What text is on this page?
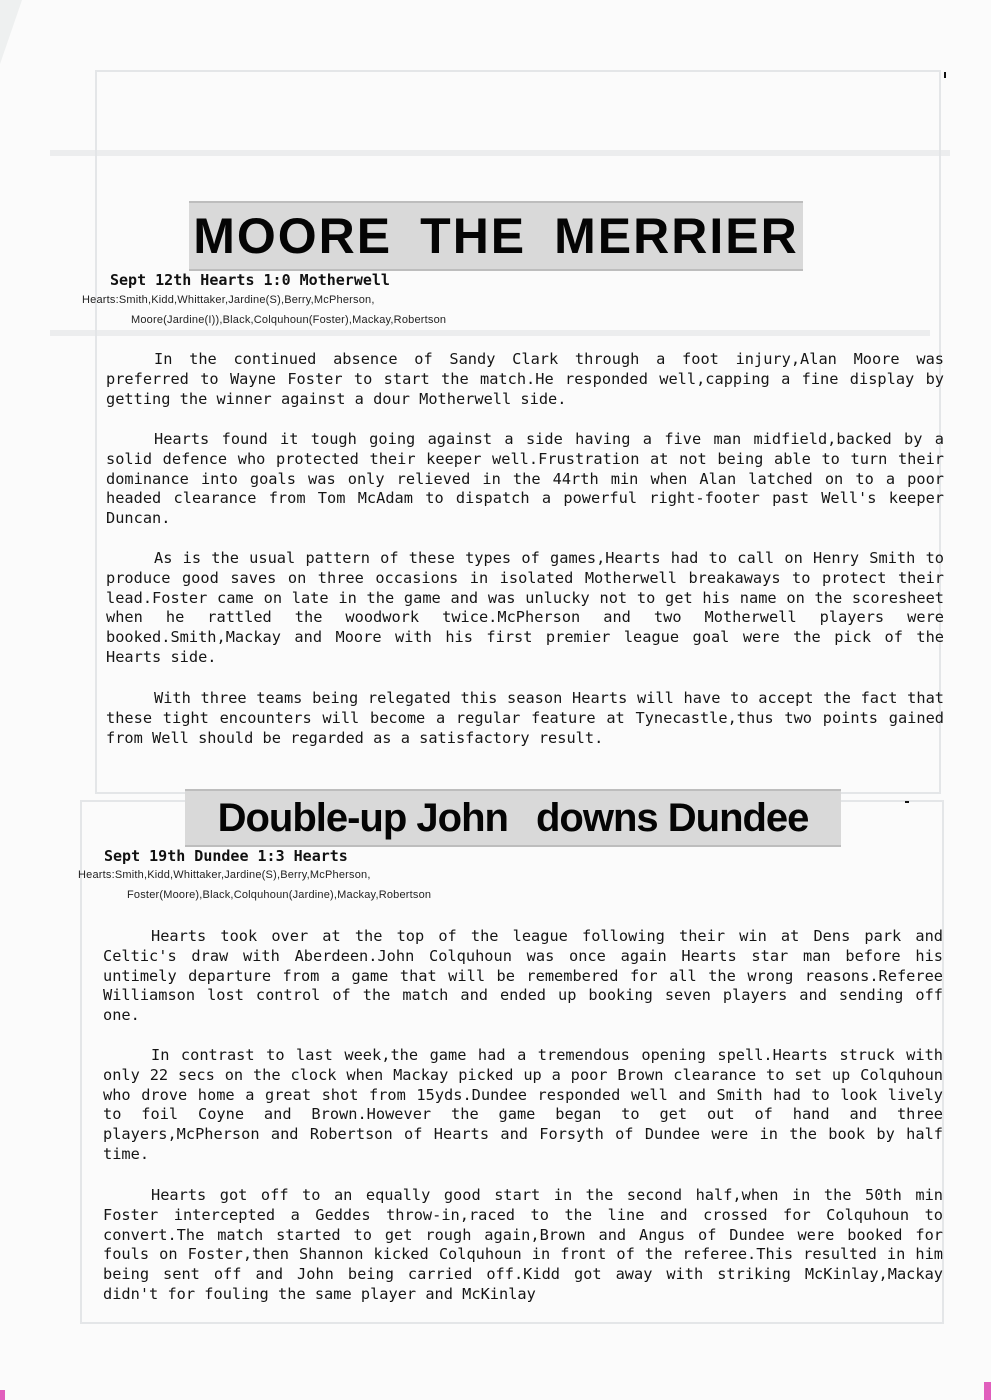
MOORE THE MERRIER
Sept 12th Hearts 1:0 Motherwell
Hearts:Smith,Kidd,Whittaker,Jardine(S),Berry,McPherson,
Moore(Jardine(I)),Black,Colquhoun(Foster),Mackay,Robertson

In the continued absence of Sandy Clark through a foot injury,Alan Moore was preferred to Wayne Foster to start the match.He responded well,capping a fine display by getting the winner against a dour Motherwell side.

Hearts found it tough going against a side having a five man midfield,backed by a solid defence who protected their keeper well.Frustration at not being able to turn their dominance into goals was only relieved in the 44rth min when Alan latched on to a poor headed clearance from Tom McAdam to dispatch a powerful right-footer past Well's keeper Duncan.

As is the usual pattern of these types of games,Hearts had to call on Henry Smith to produce good saves on three occasions in isolated Motherwell breakaways to protect their lead.Foster came on late in the game and was unlucky not to get his name on the scoresheet when he rattled the woodwork twice.McPherson and two Motherwell players were booked.Smith,Mackay and Moore with his first premier league goal were the pick of the Hearts side.

With three teams being relegated this season Hearts will have to accept the fact that these tight encounters will become a regular feature at Tynecastle,thus two points gained from Well should be regarded as a satisfactory result.

Double-up John downs Dundee
Sept 19th Dundee 1:3 Hearts
Hearts:Smith,Kidd,Whittaker,Jardine(S),Berry,McPherson,
Foster(Moore),Black,Colquhoun(Jardine),Mackay,Robertson

Hearts took over at the top of the league following their win at Dens park and Celtic's draw with Aberdeen.John Colquhoun was once again Hearts star man before his untimely departure from a game that will be remembered for all the wrong reasons.Referee Williamson lost control of the match and ended up booking seven players and sending off one.

In contrast to last week,the game had a tremendous opening spell.Hearts struck with only 22 secs on the clock when Mackay picked up a poor Brown clearance to set up Colquhoun who drove home a great shot from 15yds.Dundee responded well and Smith had to look lively to foil Coyne and Brown.However the game began to get out of hand and three players,McPherson and Robertson of Hearts and Forsyth of Dundee were in the book by half time.

Hearts got off to an equally good start in the second half,when in the 50th min Foster intercepted a Geddes throw-in,raced to the line and crossed for Colquhoun to convert.The match started to get rough again,Brown and Angus of Dundee were booked for fouls on Foster,then Shannon kicked Colquhoun in front of the referee.This resulted in him being sent off and John being carried off.Kidd got away with striking McKinlay,Mackay didn't for fouling the same player and McKinlay
